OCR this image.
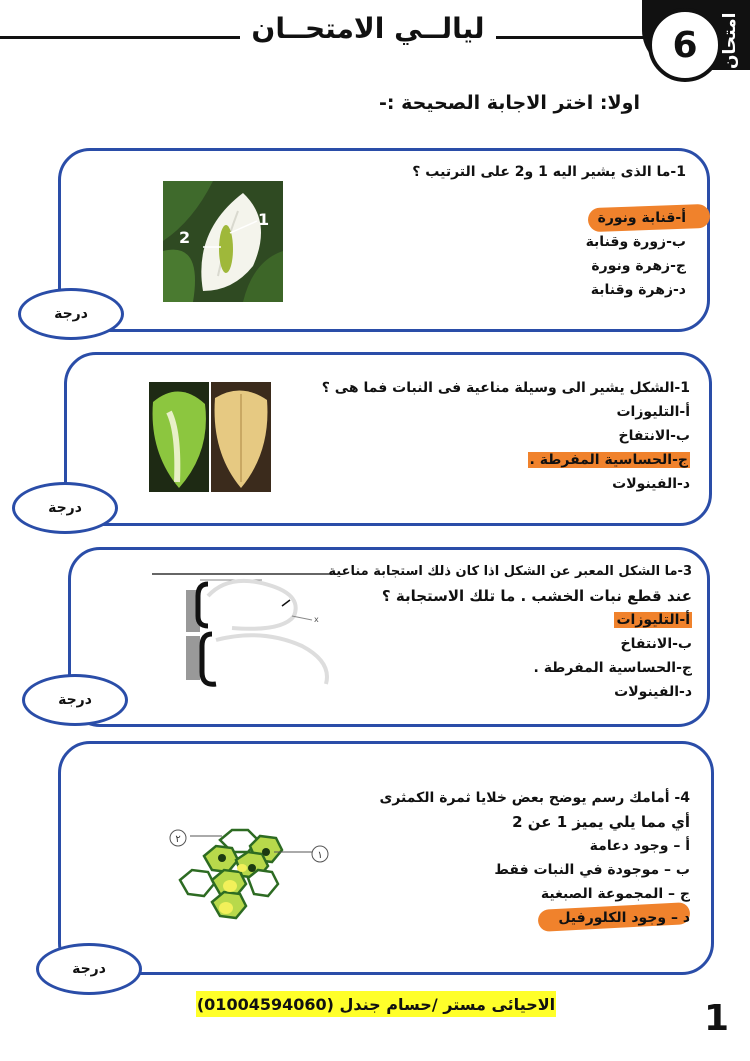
ليالــي الامتحــان	6	امتحان
اولا: اختر الاجابة الصحيحة :-
درجة
1
2
1-ما الذى يشير اليه 1 و2 على الترتيب ؟
أ-قنابة ونورة
ب-زورة وقنابة
ج-زهرة ونورة
د-زهرة وقنابة
درجة
1-الشكل يشير الى وسيلة مناعية فى النبات فما هى ؟
أ-التليوزات
ب-الانتفاخ
ج-الحساسية المفرطة .
د-الفينولات
درجة
x
3-ما الشكل المعبر عن الشكل اذا كان ذلك استجابة مناعية
عند قطع نبات الخشب . ما تلك الاستجابة ؟
أ-التليوزات
ب-الانتفاخ
ج-الحساسية المفرطة .
د-الفينولات
درجة
٢
١
4- أمامك رسم يوضح بعض خلايا ثمرة الكمثرى
أي مما يلي يميز 1 عن 2
أ – وجود دعامة
ب – موجودة في النبات فقط
ج – المجموعة الصبغية
د – وجود الكلورفيل
الاحيائى مستر /حسام جندل (01004594060)	1
